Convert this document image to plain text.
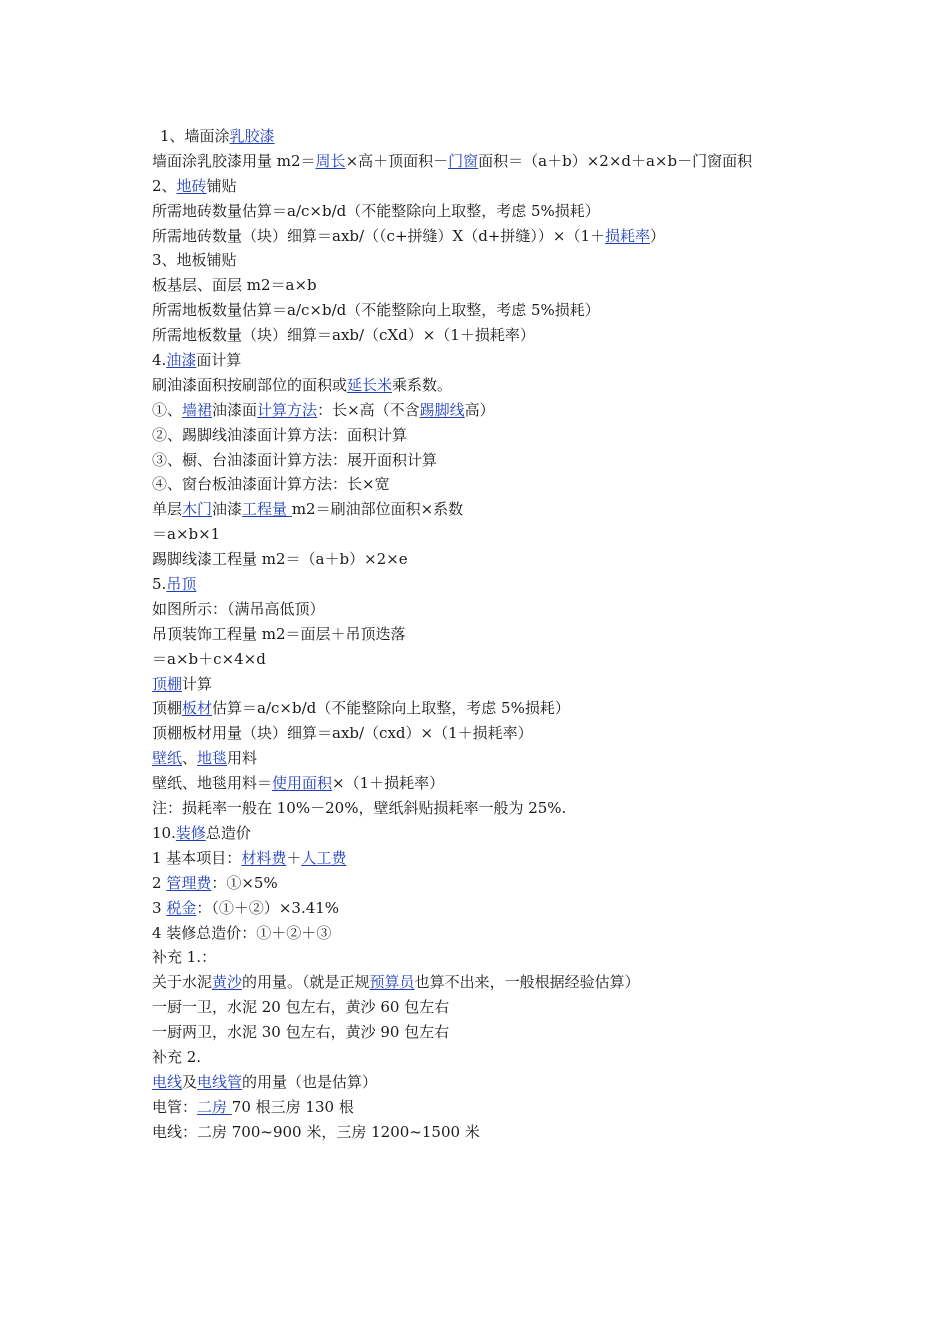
1、墙面涂乳胶漆
墙面涂乳胶漆用量 m2＝周长×高＋顶面积－门窗面积＝（a＋b）×2×d＋a×b－门窗面积
2、地砖铺贴
所需地砖数量估算＝a/c×b/d（不能整除向上取整，考虑 5%损耗）
所需地砖数量（块）细算＝axb/（（c+拼缝）X（d+拼缝））×（1＋损耗率）
3、地板铺贴
板基层、面层 m2＝a×b
所需地板数量估算＝a/c×b/d（不能整除向上取整，考虑 5%损耗）
所需地板数量（块）细算＝axb/（cXd）×（1＋损耗率）
4.油漆面计算
刷油漆面积按刷部位的面积或延长米乘系数。
①、墙裙油漆面计算方法：长×高（不含踢脚线高）
②、踢脚线油漆面计算方法：面积计算
③、橱、台油漆面计算方法：展开面积计算
④、窗台板油漆面计算方法：长×宽
单层木门油漆工程量 m2＝刷油部位面积×系数
＝a×b×1
踢脚线漆工程量 m2＝（a＋b）×2×e
5.吊顶
如图所示：（满吊高低顶）
吊顶装饰工程量 m2＝面层＋吊顶迭落
＝a×b＋c×4×d
顶棚计算
顶棚板材估算＝a/c×b/d（不能整除向上取整，考虑 5%损耗）
顶棚板材用量（块）细算＝axb/（cxd）×（1＋损耗率）
壁纸、地毯用料
壁纸、地毯用料＝使用面积×（1＋损耗率）
注：损耗率一般在 10%－20%，壁纸斜贴损耗率一般为 25%.
10.装修总造价
1 基本项目：材料费＋人工费
2 管理费：①×5%
3 税金：（①＋②）×3.41%
4 装修总造价：①＋②＋③
补充 1.：
关于水泥黄沙的用量。（就是正规预算员也算不出来，一般根据经验估算）
一厨一卫，水泥 20 包左右，黄沙 60 包左右
一厨两卫，水泥 30 包左右，黄沙 90 包左右
补充 2.
电线及电线管的用量（也是估算）
电管：二房 70 根三房 130 根
电线：二房 700~900 米，三房 1200~1500 米
